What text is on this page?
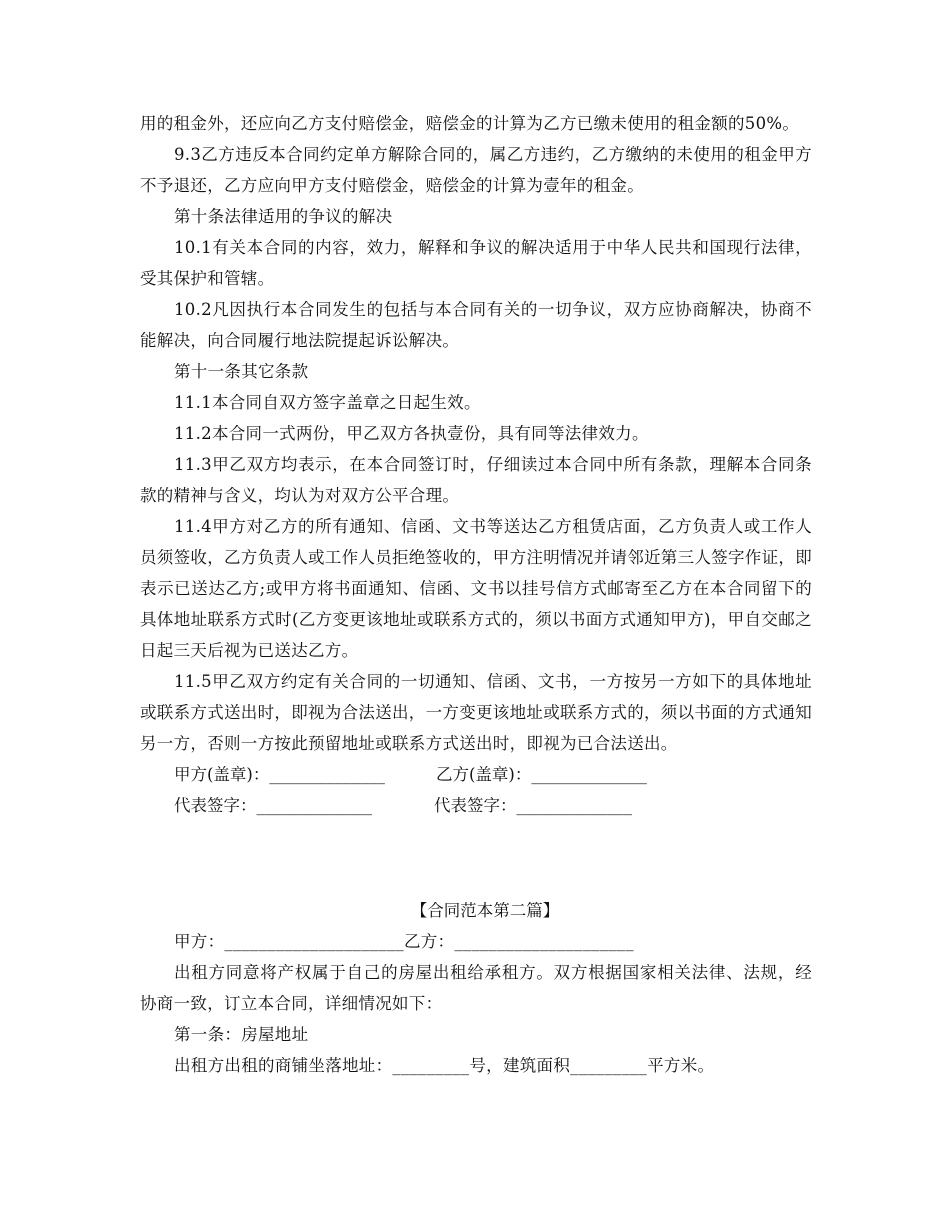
用的租金外，还应向乙方支付赔偿金，赔偿金的计算为乙方已缴未使用的租金额的50%。

9.3乙方违反本合同约定单方解除合同的，属乙方违约，乙方缴纳的未使用的租金甲方不予退还，乙方应向甲方支付赔偿金，赔偿金的计算为壹年的租金。

第十条法律适用的争议的解决

10.1有关本合同的内容，效力，解释和争议的解决适用于中华人民共和国现行法律，受其保护和管辖。

10.2凡因执行本合同发生的包括与本合同有关的一切争议，双方应协商解决，协商不能解决，向合同履行地法院提起诉讼解决。

第十一条其它条款

11.1本合同自双方签字盖章之日起生效。

11.2本合同一式两份，甲乙双方各执壹份，具有同等法律效力。

11.3甲乙双方均表示，在本合同签订时，仔细读过本合同中所有条款，理解本合同条款的精神与含义，均认为对双方公平合理。

11.4甲方对乙方的所有通知、信函、文书等送达乙方租赁店面，乙方负责人或工作人员须签收，乙方负责人或工作人员拒绝签收的，甲方注明情况并请邻近第三人签字作证，即表示已送达乙方;或甲方将书面通知、信函、文书以挂号信方式邮寄至乙方在本合同留下的具体地址联系方式时(乙方变更该地址或联系方式的，须以书面方式通知甲方)，甲自交邮之日起三天后视为已送达乙方。

11.5甲乙双方约定有关合同的一切通知、信函、文书，一方按另一方如下的具体地址或联系方式送出时，即视为合法送出，一方变更该地址或联系方式的，须以书面的方式通知另一方，否则一方按此预留地址或联系方式送出时，即视为已合法送出。

甲方(盖章)：______________	乙方(盖章)：______________
代表签字：______________	代表签字：______________

【合同范本第二篇】

甲方：_____________________乙方：_____________________

出租方同意将产权属于自己的房屋出租给承租方。双方根据国家相关法律、法规，经协商一致，订立本合同，详细情况如下：

第一条：房屋地址

出租方出租的商铺坐落地址：_________号，建筑面积_________平方米。
